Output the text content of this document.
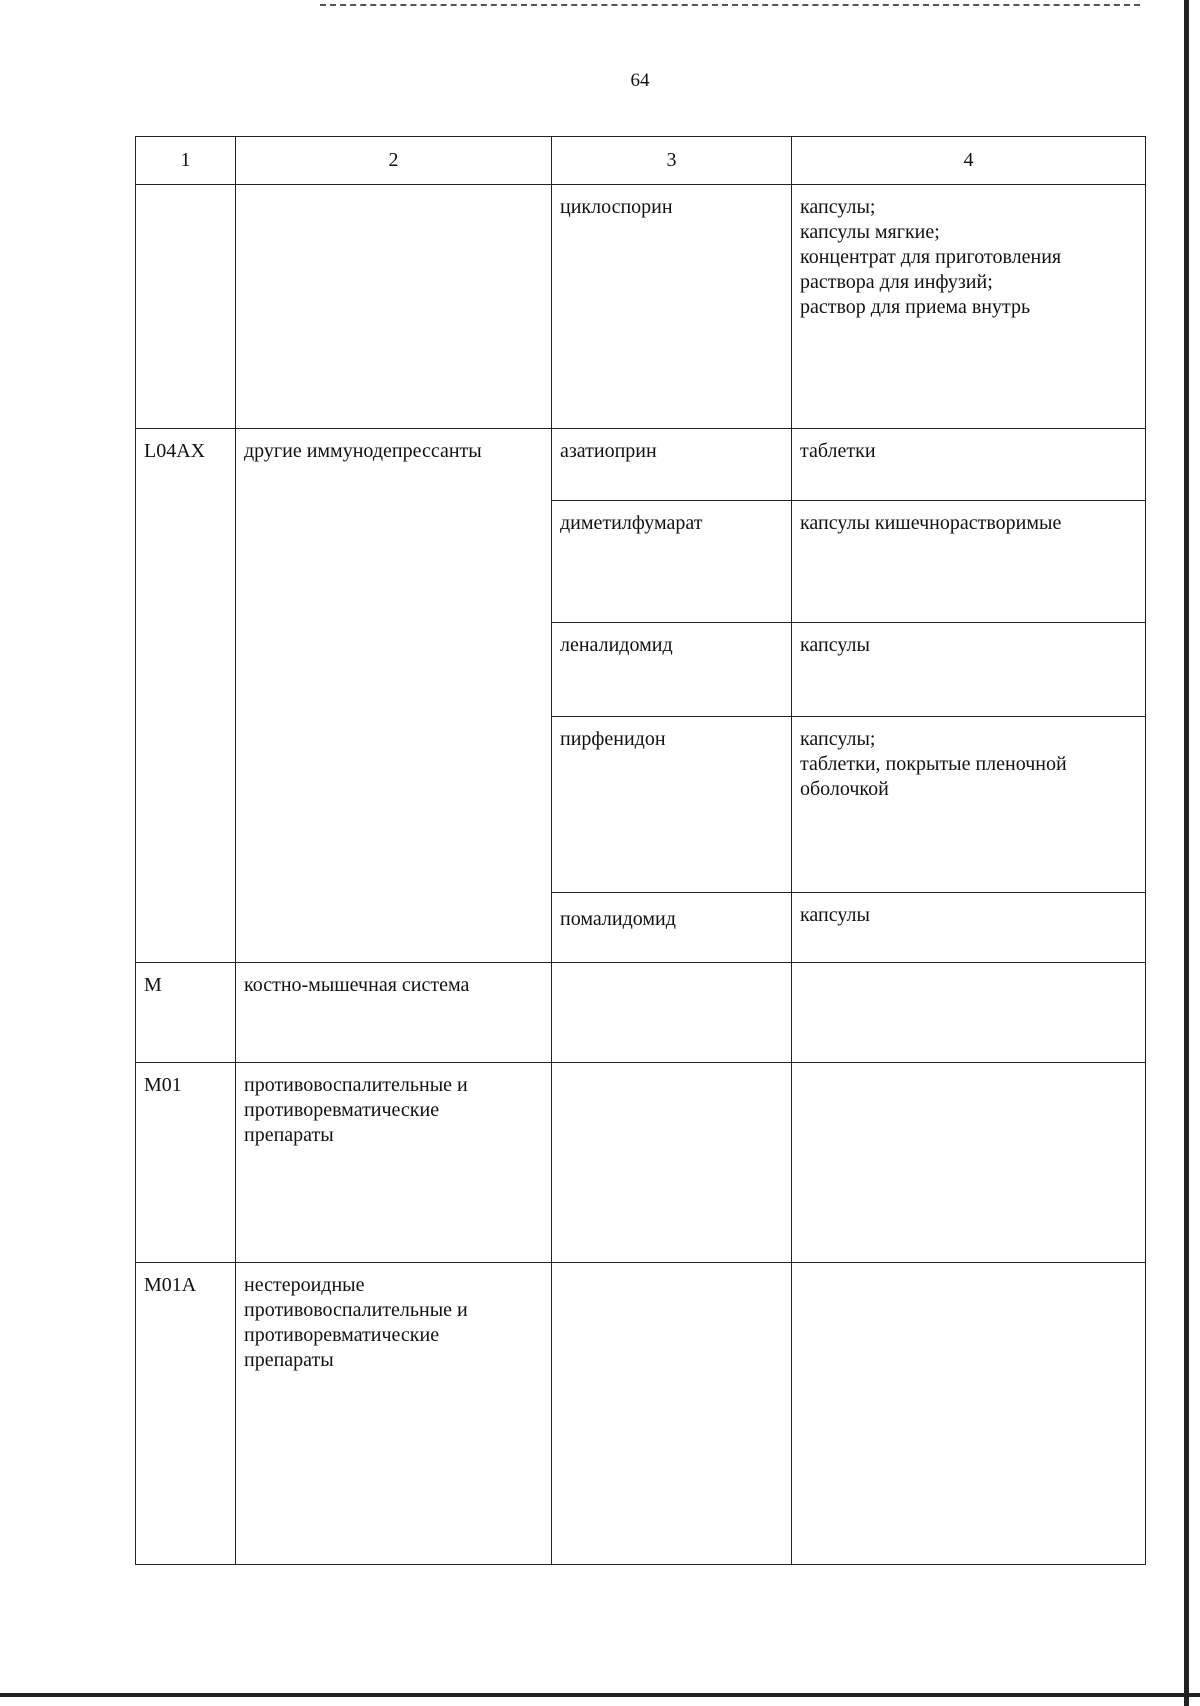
64
1	2	3	4
		циклоспорин	капсулы;
капсулы мягкие;
концентрат для приготовления
раствора для инфузий;
раствор для приема внутрь

L04AX	другие иммунодепрессанты	азатиоприн	таблетки
		диметилфумарат	капсулы кишечнорастворимые
		леналидомид	капсулы
		пирфенидон	капсулы;
таблетки, покрытые пленочной
оболочкой

		помалидомид	капсулы
M	костно-мышечная система		
M01	противовоспалительные и
противоревматические
препараты		

M01A	нестероидные
противовоспалительные и
противоревматические
препараты		
